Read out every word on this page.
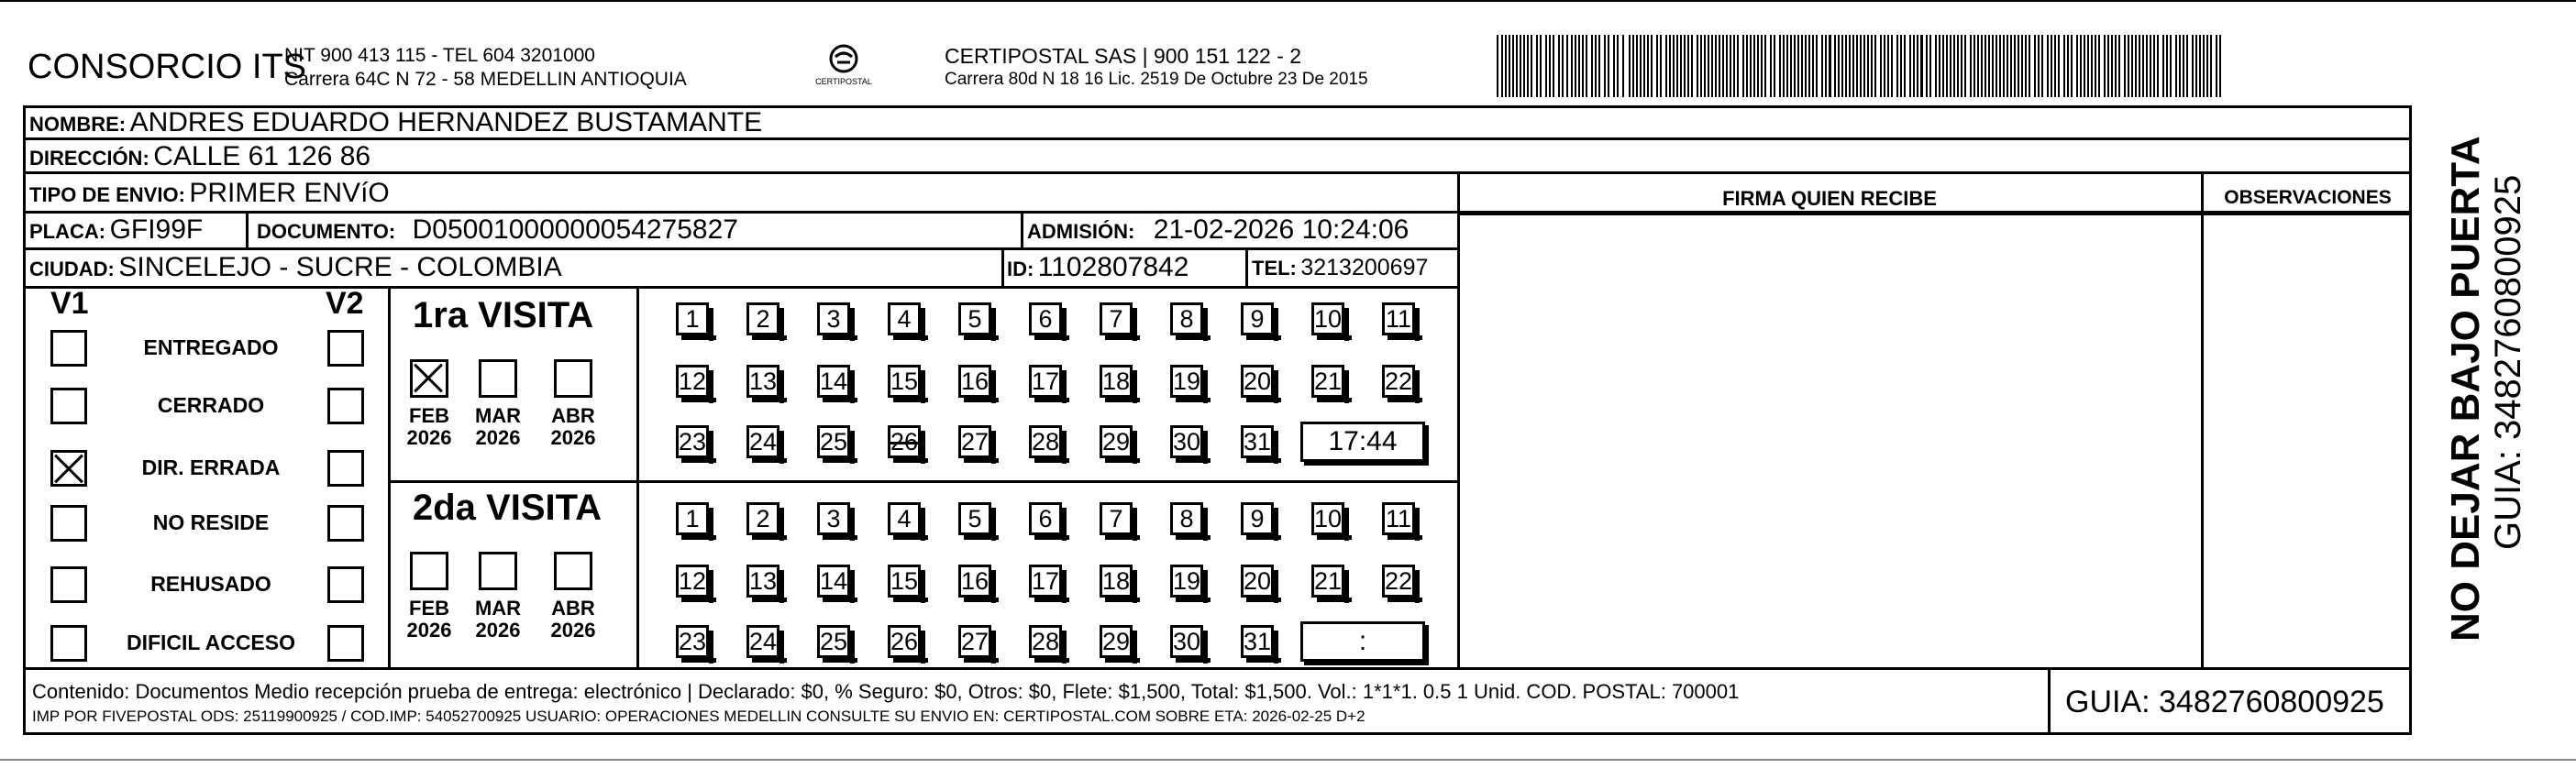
CONSORCIO ITS
NIT 900 413 115 - TEL 604 3201000
Carrera 64C N 72 - 58 MEDELLIN ANTIOQUIA	CERTIPOSTAL
CERTIPOSTAL SAS | 900 151 122 - 2
Carrera 80d N 18 16 Lic. 2519 De Octubre 23 De 2015
FIRMA QUIEN RECIBE	OBSERVACIONES
NOMBRE: ANDRES EDUARDO HERNANDEZ BUSTAMANTE
DIRECCIÓN: CALLE 61 126 86
TIPO DE ENVIO: PRIMER ENVíO
PLACA: GFI99F	DOCUMENTO: D05001000000054275827	ADMISIÓN: 21-02-2026 10:24:06
CIUDAD: SINCELEJO - SUCRE - COLOMBIA	ID: 1102807842	TEL: 3213200697
V1	V2
ENTREGADO
CERRADO
DIR. ERRADA
NO RESIDE
REHUSADO
DIFICIL ACCESO
1ra VISITA
2da VISITA
FEB
2026
MAR
2026
ABR
2026
FEB
2026
MAR
2026
ABR
2026
1	2	3	4	5	6	7	8	9	10 11
12 13 14 15 16 17 18 19 20 21 22
23 24 25 26 27 28 29 30 31	17:44
1	2	3	4	5	6	7	8	9	10 11
12 13 14 15 16 17 18 19 20 21 22
23 24 25 26 27 28 29 30 31	:
Contenido: Documentos Medio recepción prueba de entrega: electrónico | Declarado: $0, % Seguro: $0, Otros: $0, Flete: $1,500, Total: $1,500. Vol.: 1*1*1. 0.5 1 Unid. COD. POSTAL: 700001
IMP POR FIVEPOSTAL ODS: 25119900925 / COD.IMP: 54052700925 USUARIO: OPERACIONES MEDELLIN CONSULTE SU ENVIO EN: CERTIPOSTAL.COM SOBRE ETA: 2026-02-25 D+2	GUIA: 3482760800925
NO DEJAR BAJO PUERTA GUIA: 3482760800925
